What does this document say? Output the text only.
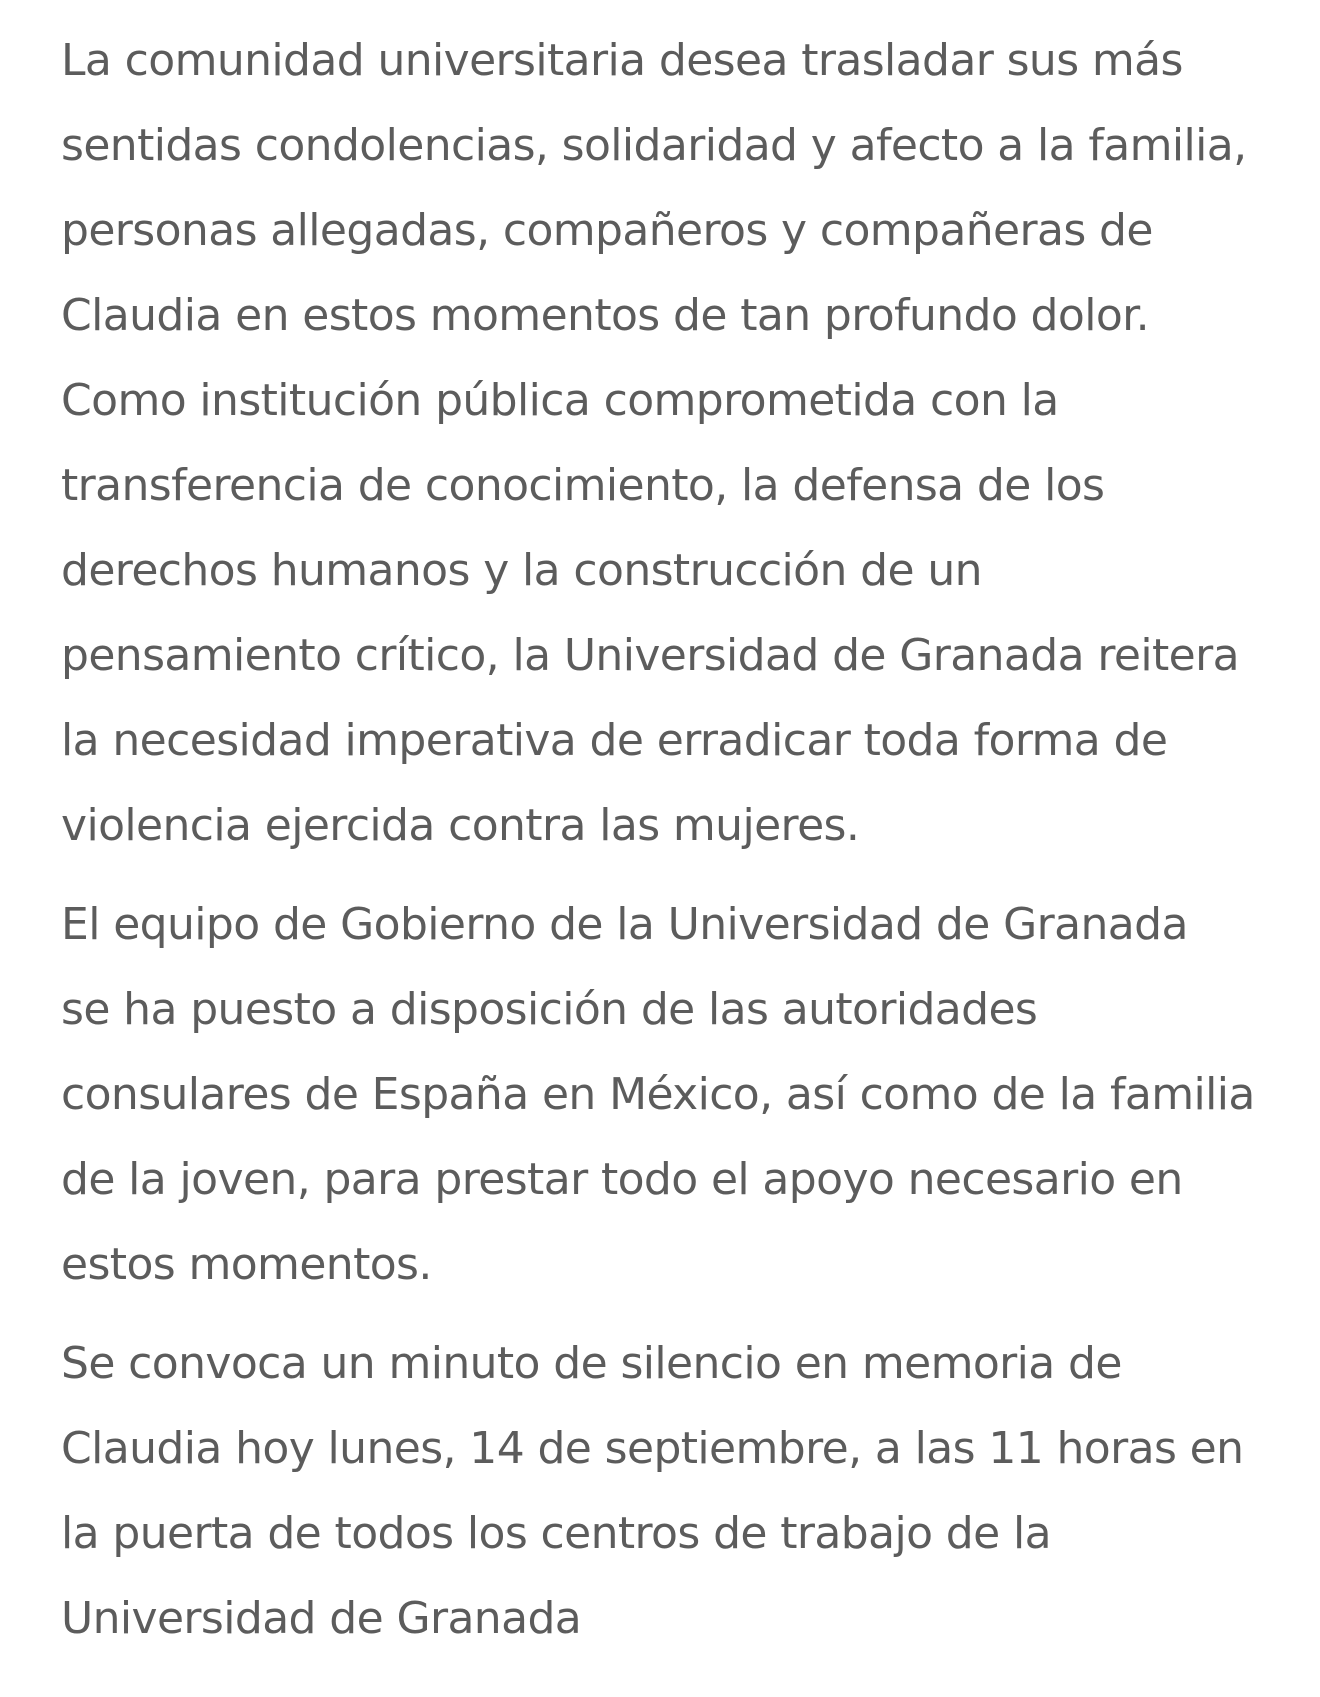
La comunidad universitaria desea trasladar sus más
sentidas condolencias, solidaridad y afecto a la familia,
personas allegadas, compañeros y compañeras de
Claudia en estos momentos de tan profundo dolor.
Como institución pública comprometida con la
transferencia de conocimiento, la defensa de los
derechos humanos y la construcción de un
pensamiento crítico, la Universidad de Granada reitera
la necesidad imperativa de erradicar toda forma de
violencia ejercida contra las mujeres.

El equipo de Gobierno de la Universidad de Granada
se ha puesto a disposición de las autoridades
consulares de España en México, así como de la familia
de la joven, para prestar todo el apoyo necesario en
estos momentos.

Se convoca un minuto de silencio en memoria de
Claudia hoy lunes, 14 de septiembre, a las 11 horas en
la puerta de todos los centros de trabajo de la
Universidad de Granada
